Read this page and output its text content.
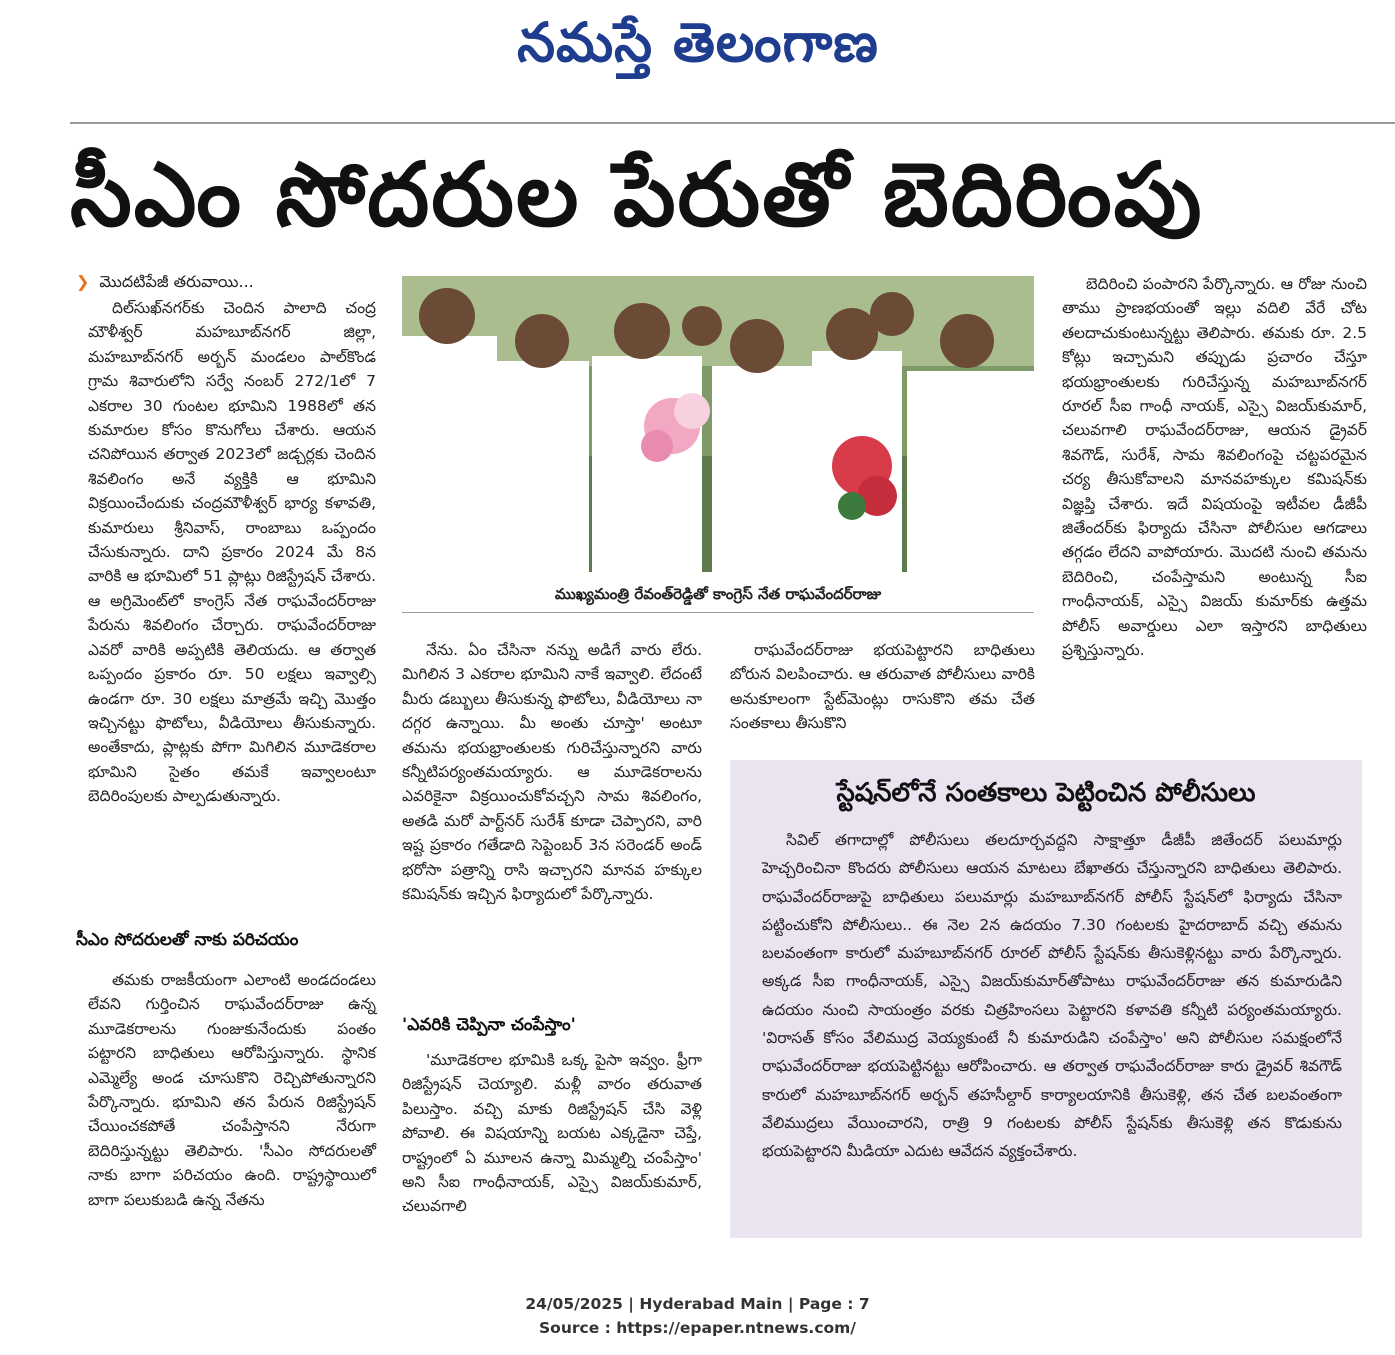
నమస్తే తెలంగాణ
సీఎం సోదరుల పేరుతో బెదిరింపు
❯ మొదటిపేజీ తరువాయి...

దిల్‌సుఖ్‌నగర్‌కు చెందిన పాలాది చంద్ర మౌళీశ్వర్ మహబూబ్‌నగర్ జిల్లా, మహబూబ్‌నగర్ అర్బన్ మండలం పాల్‌కొండ గ్రామ శివారులోని సర్వే నంబర్ 272/1లో 7 ఎకరాల 30 గుంటల భూమిని 1988లో తన కుమారుల కోసం కొనుగోలు చేశారు. ఆయన చనిపోయిన తర్వాత 2023లో జడ్చర్లకు చెందిన శివలింగం అనే వ్యక్తికి ఆ భూమిని విక్రయించేందుకు చంద్రమౌళీశ్వర్ భార్య కళావతి, కుమారులు శ్రీనివాస్, రాంబాబు ఒప్పందం చేసుకున్నారు. దాని ప్రకారం 2024 మే 8న వారికి ఆ భూమిలో 51 ప్లాట్లు రిజిస్ట్రేషన్ చేశారు. ఆ అగ్రిమెంట్‌లో కాంగ్రెస్ నేత రాఘవేందర్‌రాజు పేరును శివలింగం చేర్చారు. రాఘవేందర్‌రాజు ఎవరో వారికి అప్పటికి తెలియదు. ఆ తర్వాత ఒప్పందం ప్రకారం రూ. 50 లక్షలు ఇవ్వాల్సి ఉండగా రూ. 30 లక్షలు మాత్రమే ఇచ్చి మొత్తం ఇచ్చినట్టు ఫొటోలు, వీడియోలు తీసుకున్నారు. అంతేకాదు, ప్లాట్లకు పోగా మిగిలిన మూడెకరాల భూమిని సైతం తమకే ఇవ్వాలంటూ బెదిరింపులకు పాల్పడుతున్నారు.

సీఎం సోదరులతో నాకు పరిచయం

తమకు రాజకీయంగా ఎలాంటి అండదండలు లేవని గుర్తించిన రాఘవేందర్‌రాజు ఉన్న మూడెకరాలను గుంజుకునేందుకు పంతం పట్టారని బాధితులు ఆరోపిస్తున్నారు. స్థానిక ఎమ్మెల్యే అండ చూసుకొని రెచ్చిపోతున్నారని పేర్కొన్నారు. భూమిని తన పేరున రిజిస్ట్రేషన్ చేయించకపోతే చంపేస్తానని నేరుగా బెదిరిస్తున్నట్టు తెలిపారు. 'సీఎం సోదరులతో నాకు బాగా పరిచయం ఉంది. రాష్ట్రస్థాయిలో బాగా పలుకుబడి ఉన్న నేతను

ముఖ్యమంత్రి రేవంత్‌రెడ్డితో కాంగ్రెస్ నేత రాఘవేందర్‌రాజు

నేను. ఏం చేసినా నన్ను అడిగే వారు లేరు. మిగిలిన 3 ఎకరాల భూమిని నాకే ఇవ్వాలి. లేదంటే మీరు డబ్బులు తీసుకున్న ఫొటోలు, వీడియోలు నా దగ్గర ఉన్నాయి. మీ అంతు చూస్తా' అంటూ తమను భయభ్రాంతులకు గురిచేస్తున్నారని వారు కన్నీటిపర్యంతమయ్యారు. ఆ మూడెకరాలను ఎవరికైనా విక్రయించుకోవచ్చని సామ శివలింగం, అతడి మరో పార్ట్‌నర్ సురేశ్ కూడా చెప్పారని, వారి ఇష్ట ప్రకారం గతేడాది సెప్టెంబర్ 3న సరెండర్ అండ్ భరోసా పత్రాన్ని రాసి ఇచ్చారని మానవ హక్కుల కమిషన్‌కు ఇచ్చిన ఫిర్యాదులో పేర్కొన్నారు.

'ఎవరికి చెప్పినా చంపేస్తాం'

'మూడెకరాల భూమికి ఒక్క పైసా ఇవ్వం. ఫ్రీగా రిజిస్ట్రేషన్ చెయ్యాలి. మళ్లీ వారం తరువాత పిలుస్తాం. వచ్చి మాకు రిజిస్ట్రేషన్ చేసి వెళ్లి పోవాలి. ఈ విషయాన్ని బయట ఎక్కడైనా చెప్తే, రాష్ట్రంలో ఏ మూలన ఉన్నా మిమ్మల్ని చంపేస్తాం' అని సీఐ గాంధీనాయక్, ఎస్సై విజయ్‌కుమార్, చలువగాలి

రాఘవేందర్‌రాజు భయపెట్టారని బాధితులు బోరున విలపించారు. ఆ తరువాత పోలీసులు వారికి అనుకూలంగా స్టేట్‌మెంట్లు రాసుకొని తమ చేత సంతకాలు తీసుకొని

బెదిరించి పంపారని పేర్కొన్నారు. ఆ రోజు నుంచి తాము ప్రాణభయంతో ఇల్లు వదిలి వేరే చోట తలదాచుకుంటున్నట్టు తెలిపారు. తమకు రూ. 2.5 కోట్లు ఇచ్చామని తప్పుడు ప్రచారం చేస్తూ భయభ్రాంతులకు గురిచేస్తున్న మహబూబ్‌నగర్ రూరల్ సీఐ గాంధీ నాయక్, ఎస్సై విజయ్‌కుమార్, చలువగాలి రాఘవేందర్‌రాజు, ఆయన డ్రైవర్ శివగౌడ్, సురేశ్, సామ శివలింగంపై చట్టపరమైన చర్య తీసుకోవాలని మానవహక్కుల కమిషన్‌కు విజ్ఞప్తి చేశారు. ఇదే విషయంపై ఇటీవల డీజీపీ జితేందర్‌కు ఫిర్యాదు చేసినా పోలీసుల ఆగడాలు తగ్గడం లేదని వాపోయారు. మొదటి నుంచి తమను బెదిరించి, చంపేస్తామని అంటున్న సీఐ గాంధీనాయక్, ఎస్సై విజయ్ కుమార్‌కు ఉత్తమ పోలీస్ అవార్డులు ఎలా ఇస్తారని బాధితులు ప్రశ్నిస్తున్నారు.

స్టేషన్‌లోనే సంతకాలు పెట్టించిన పోలీసులు

సివిల్ తగాదాల్లో పోలీసులు తలదూర్చవద్దని సాక్షాత్తూ డీజీపీ జితేందర్ పలుమార్లు హెచ్చరించినా కొందరు పోలీసులు ఆయన మాటలు బేఖాతరు చేస్తున్నారని బాధితులు తెలిపారు. రాఘవేందర్‌రాజుపై బాధితులు పలుమార్లు మహబూబ్‌నగర్ పోలీస్ స్టేషన్‌లో ఫిర్యాదు చేసినా పట్టించుకోని పోలీసులు.. ఈ నెల 2న ఉదయం 7.30 గంటలకు హైదరాబాద్ వచ్చి తమను బలవంతంగా కారులో మహబూబ్‌నగర్ రూరల్ పోలీస్ స్టేషన్‌కు తీసుకెళ్లినట్టు వారు పేర్కొన్నారు. అక్కడ సీఐ గాంధీనాయక్, ఎస్సై విజయ్‌కుమార్‌తోపాటు రాఘవేందర్‌రాజు తన కుమారుడిని ఉదయం నుంచి సాయంత్రం వరకు చిత్రహింసలు పెట్టారని కళావతి కన్నీటి పర్యంతమయ్యారు. 'విరాసత్ కోసం వేలిముద్ర వెయ్యకుంటే నీ కుమారుడిని చంపేస్తాం' అని పోలీసుల సమక్షంలోనే రాఘవేందర్‌రాజు భయపెట్టినట్టు ఆరోపించారు. ఆ తర్వాత రాఘవేందర్‌రాజు కారు డ్రైవర్ శివగౌడ్ కారులో మహబూబ్‌నగర్ అర్బన్ తహసీల్దార్ కార్యాలయానికి తీసుకెళ్లి, తన చేత బలవంతంగా వేలిముద్రలు వేయించారని, రాత్రి 9 గంటలకు పోలీస్ స్టేషన్‌కు తీసుకెళ్లి తన కొడుకును భయపెట్టారని మీడియా ఎదుట ఆవేదన వ్యక్తంచేశారు.

24/05/2025 | Hyderabad Main | Page : 7
Source : https://epaper.ntnews.com/
